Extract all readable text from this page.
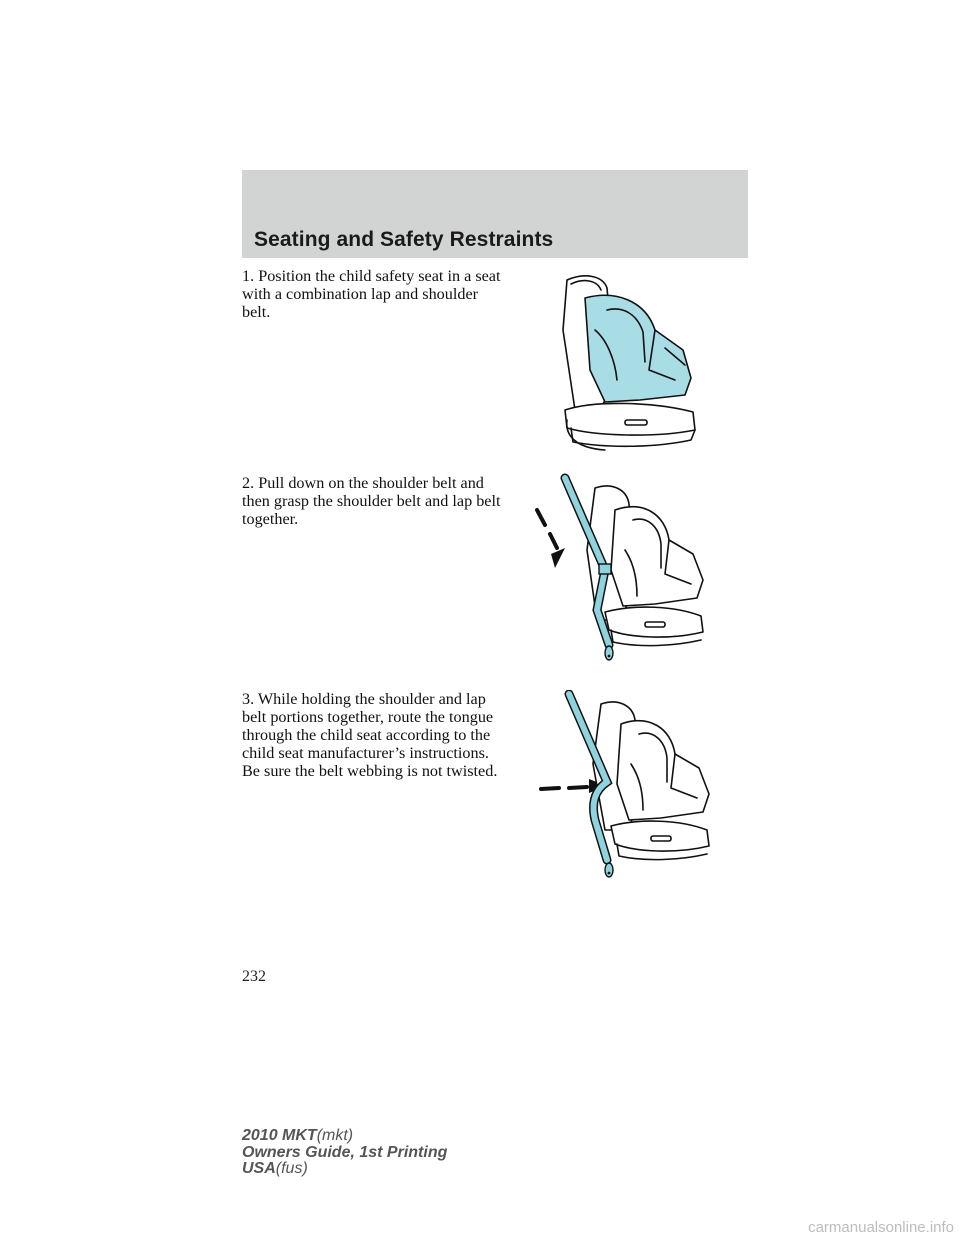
Seating and Safety Restraints

1. Position the child safety seat in a seat with a combination lap and shoulder belt.

2. Pull down on the shoulder belt and then grasp the shoulder belt and lap belt together.

3. While holding the shoulder and lap belt portions together, route the tongue through the child seat according to the child seat manufacturer’s instructions. Be sure the belt webbing is not twisted.

232

2010 MKT(mkt)
Owners Guide, 1st Printing
USA(fus)
carmanualsonline.info
